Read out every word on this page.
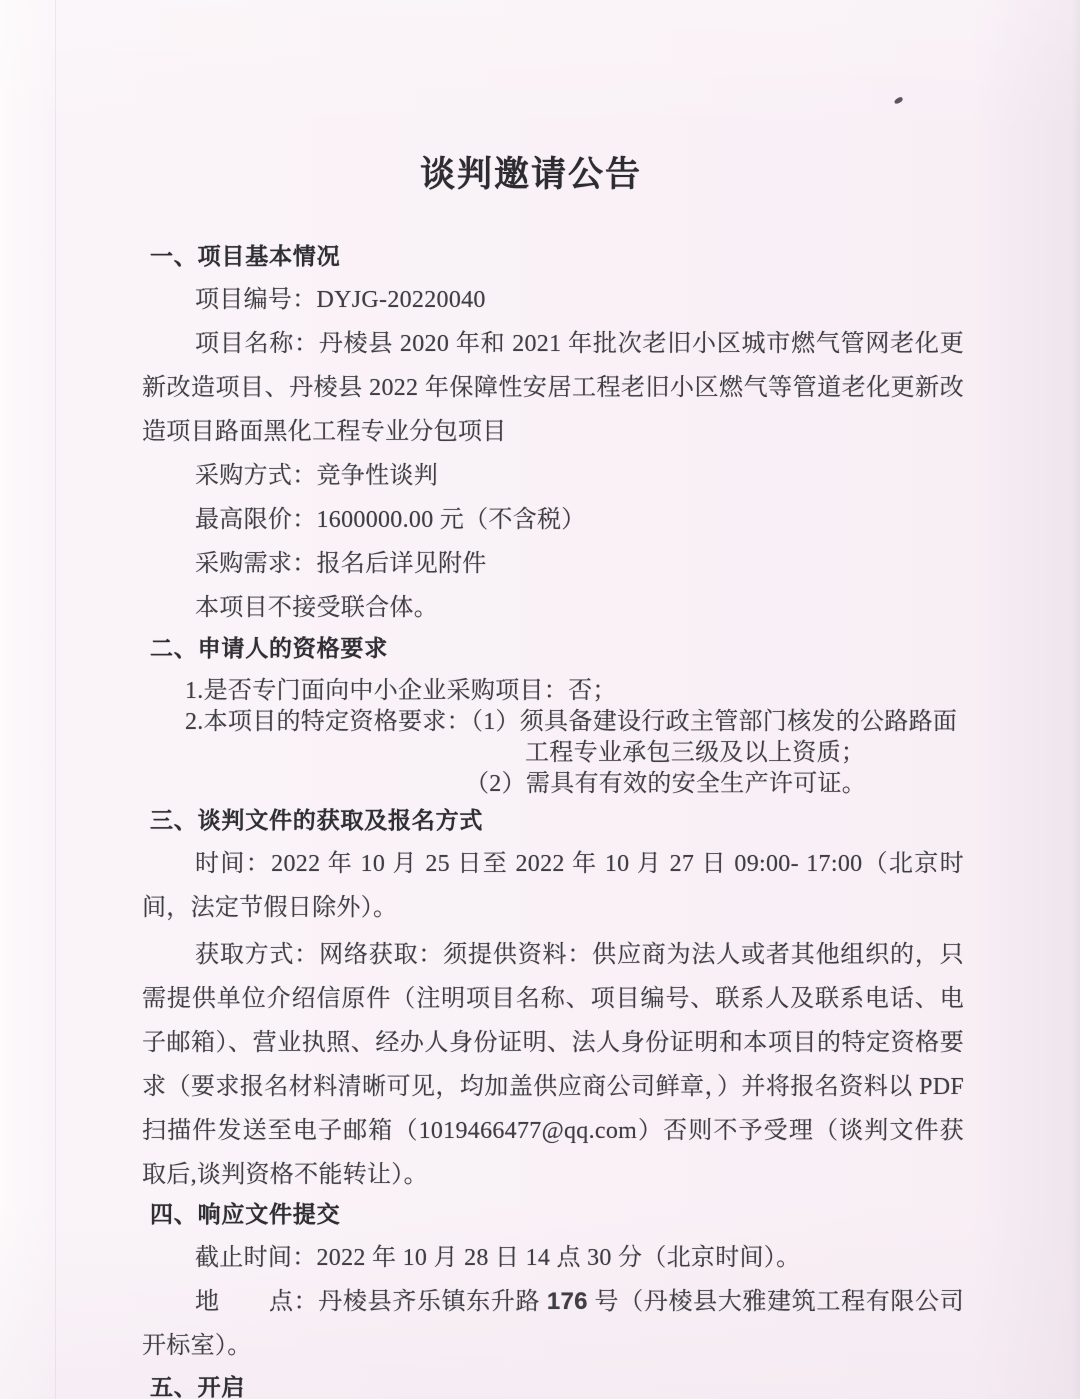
谈判邀请公告
一、项目基本情况

项目编号：DYJG-20220040

项目名称：丹棱县 2020 年和 2021 年批次老旧小区城市燃气管网老化更新改造项目、丹棱县 2022 年保障性安居工程老旧小区燃气等管道老化更新改造项目路面黑化工程专业分包项目

采购方式：竞争性谈判

最高限价：1600000.00 元（不含税）

采购需求：报名后详见附件

本项目不接受联合体。

二、申请人的资格要求
1.是否专门面向中小企业采购项目：否；
2.本项目的特定资格要求：（1）须具备建设行政主管部门核发的公路路面
工程专业承包三级及以上资质；
（2）需具有有效的安全生产许可证。
三、谈判文件的获取及报名方式

时间：2022 年 10 月 25 日至 2022 年 10 月 27 日 09:00- 17:00（北京时间，法定节假日除外）。

获取方式：网络获取：须提供资料：供应商为法人或者其他组织的，只需提供单位介绍信原件（注明项目名称、项目编号、联系人及联系电话、电子邮箱）、营业执照、经办人身份证明、法人身份证明和本项目的特定资格要求（要求报名材料清晰可见，均加盖供应商公司鲜章，）并将报名资料以 PDF 扫描件发送至电子邮箱（1019466477@qq.com）否则不予受理（谈判文件获取后,谈判资格不能转让）。

四、响应文件提交

截止时间：2022 年 10 月 28 日 14 点 30 分（北京时间）。

地　　点：丹棱县齐乐镇东升路 176 号（丹棱县大雅建筑工程有限公司开标室）。

五、开启
